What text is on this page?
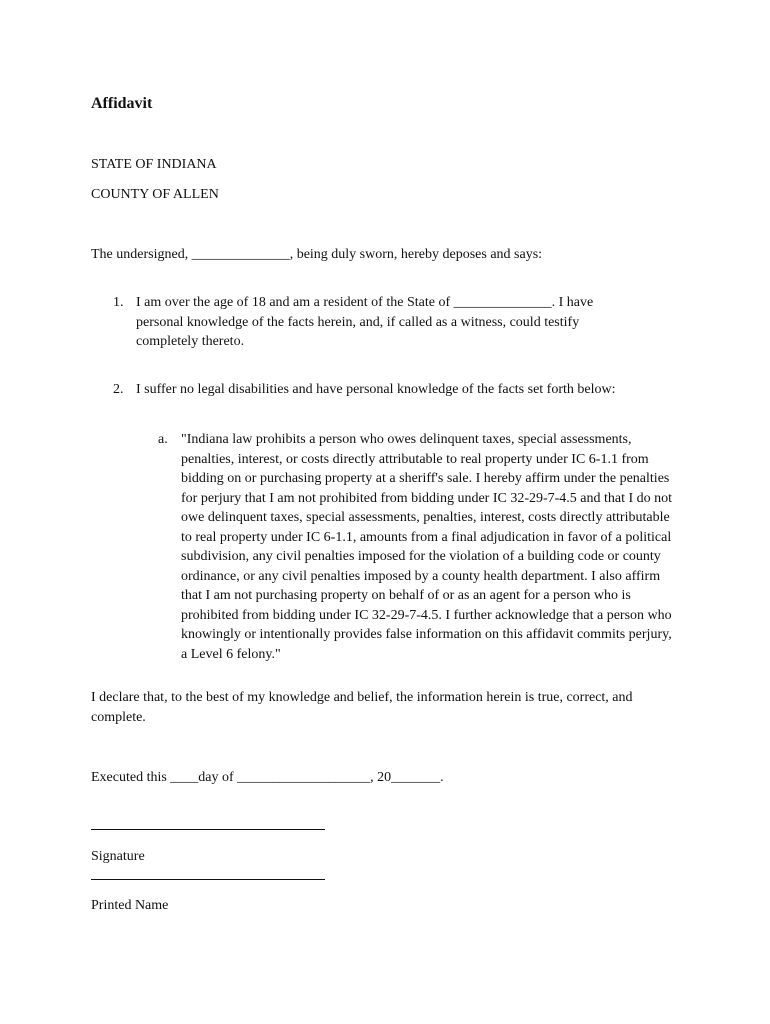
Affidavit
STATE OF INDIANA
COUNTY OF ALLEN
The undersigned, ______________, being duly sworn, hereby deposes and says:
1. I am over the age of 18 and am a resident of the State of ______________. I have personal knowledge of the facts herein, and, if called as a witness, could testify completely thereto.
2. I suffer no legal disabilities and have personal knowledge of the facts set forth below:
a. "Indiana law prohibits a person who owes delinquent taxes, special assessments, penalties, interest, or costs directly attributable to real property under IC 6-1.1 from bidding on or purchasing property at a sheriff's sale. I hereby affirm under the penalties for perjury that I am not prohibited from bidding under IC 32-29-7-4.5 and that I do not owe delinquent taxes, special assessments, penalties, interest, costs directly attributable to real property under IC 6-1.1, amounts from a final adjudication in favor of a political subdivision, any civil penalties imposed for the violation of a building code or county ordinance, or any civil penalties imposed by a county health department. I also affirm that I am not purchasing property on behalf of or as an agent for a person who is prohibited from bidding under IC 32-29-7-4.5. I further acknowledge that a person who knowingly or intentionally provides false information on this affidavit commits perjury, a Level 6 felony."
I declare that, to the best of my knowledge and belief, the information herein is true, correct, and complete.
Executed this ____day of ___________________, 20_______.
Signature
Printed Name
